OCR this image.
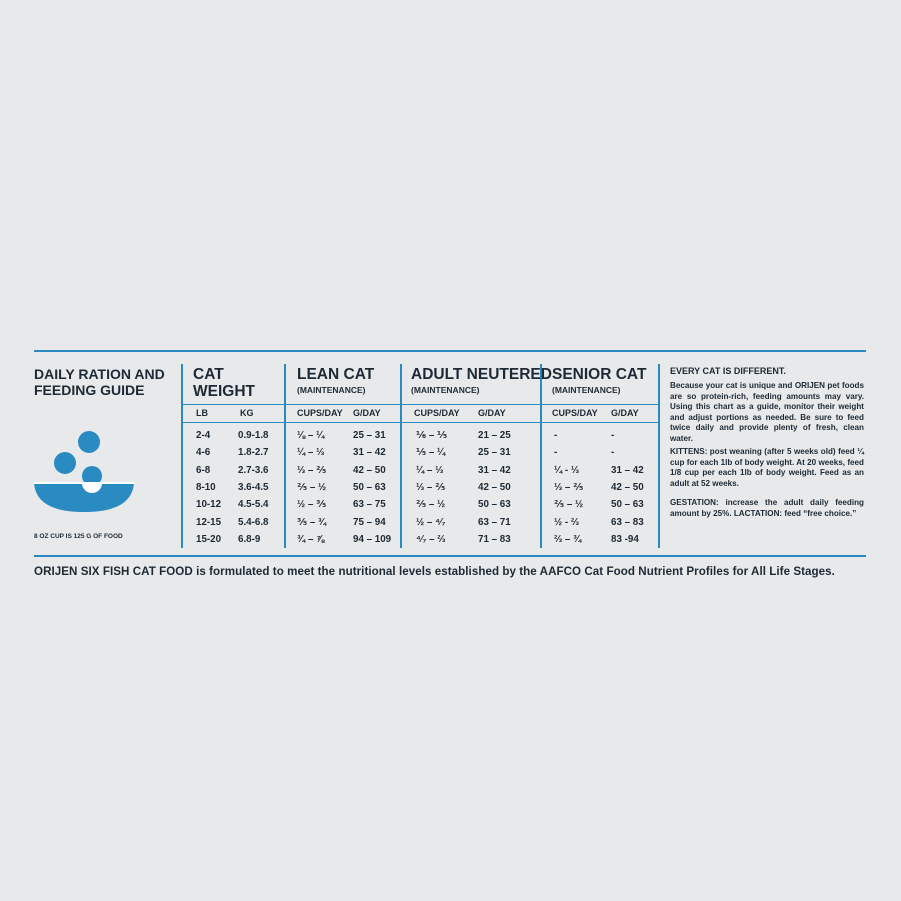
DAILY RATION AND
FEEDING GUIDE
8 OZ CUP IS 125 G OF FOOD
CAT
WEIGHT
LEAN CAT
(MAINTENANCE)
ADULT NEUTERED
(MAINTENANCE)
SENIOR CAT
(MAINTENANCE)
LB	KG	CUPS/DAY G/DAY	CUPS/DAY G/DAY	CUPS/DAY G/DAY
2-4	0.9-1.8	⅛ – ¼	25 – 31	⅙ – ⅕	21 – 25	-	-
4-6	1.8-2.7	¼ – ⅓	31 – 42	⅕ – ¼	25 – 31	-	-
6-8	2.7-3.6	⅓ – ⅖	42 – 50	¼ – ⅓	31 – 42	¼ - ⅓	31 – 42
8-10 3.6-4.5	⅖ – ½	50 – 63	⅓ – ⅖	42 – 50	⅓ – ⅖	42 – 50
10-12 4.5-5.4	½ – ⅗	63 – 75	⅖ – ½	50 – 63	⅖ – ½	50 – 63
12-15 5.4-6.8	⅗ – ¾	75 – 94	½ – ⁴⁄₇	63 – 71	½ - ⅔	63 – 83
15-20 6.8-9	¾ – ⅞	94 – 109	⁴⁄₇ – ⅔	71 – 83	⅔ – ¾	83 -94
EVERY CAT IS DIFFERENT.
Because your cat is unique and ORIJEN pet foods are so protein-rich, feeding amounts may vary. Using this chart as a guide, monitor their weight and adjust portions as needed. Be sure to feed twice daily and provide plenty of fresh, clean water.
KITTENS: post weaning (after 5 weeks old) feed ¼ cup for each 1lb of body weight. At 20 weeks, feed 1/8 cup per each 1lb of body weight. Feed as an adult at 52 weeks.
GESTATION: increase the adult daily feeding amount by 25%. LACTATION: feed “free choice.”
ORIJEN SIX FISH CAT FOOD is formulated to meet the nutritional levels established by the AAFCO Cat Food Nutrient Profiles for All Life Stages.
